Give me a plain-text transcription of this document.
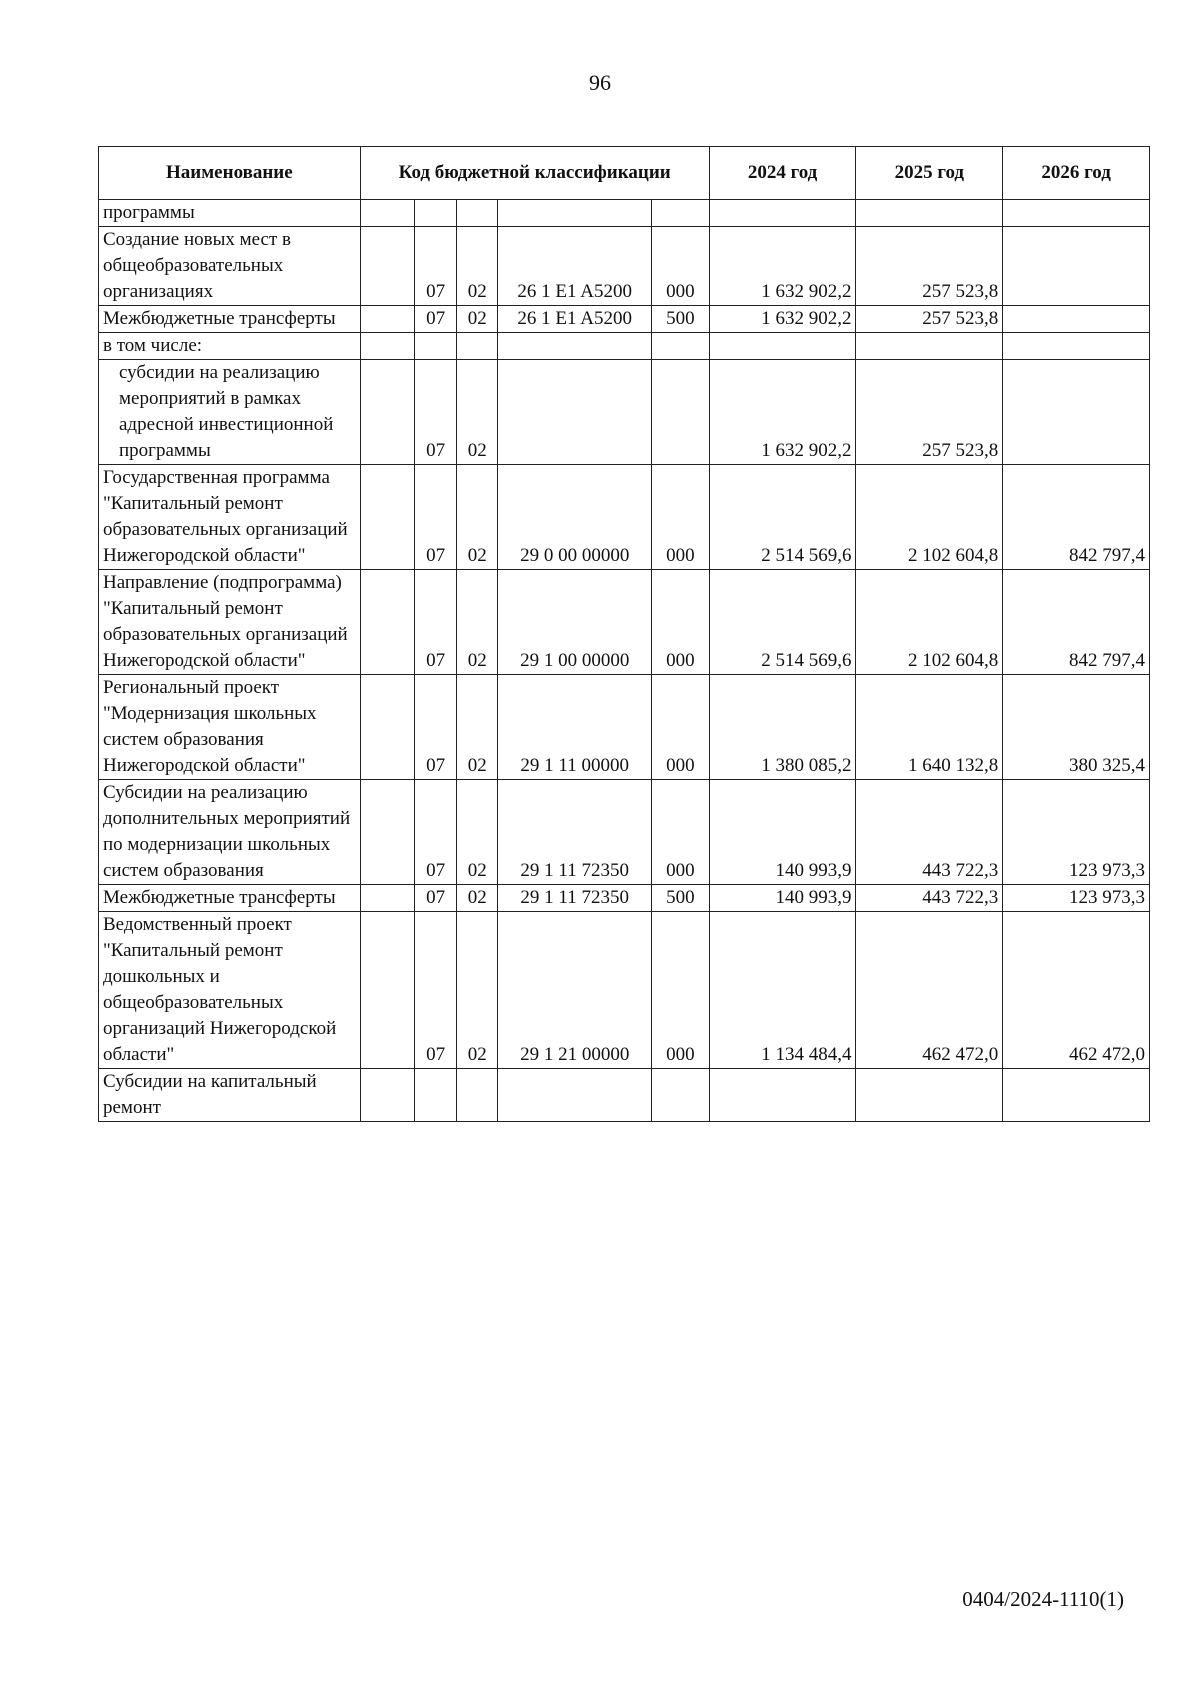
96
Наименование	Код бюджетной классификации					2024 год	2025 год	2026 год
программы								
Создание новых мест в общеобразовательных организациях		07	02	26 1 E1 A5200	000	1 632 902,2	257 523,8	
Межбюджетные трансферты		07	02	26 1 E1 A5200	500	1 632 902,2	257 523,8	
в том числе:								
субсидии на реализацию мероприятий в рамках адресной инвестиционной программы		07	02			1 632 902,2	257 523,8	
Государственная программа "Капитальный ремонт образовательных организаций Нижегородской области"		07	02	29 0 00 00000	000	2 514 569,6	2 102 604,8	842 797,4
Направление (подпрограмма) "Капитальный ремонт образовательных организаций Нижегородской области"		07	02	29 1 00 00000	000	2 514 569,6	2 102 604,8	842 797,4
Региональный проект "Модернизация школьных систем образования Нижегородской области"		07	02	29 1 11 00000	000	1 380 085,2	1 640 132,8	380 325,4
Субсидии на реализацию дополнительных мероприятий по модернизации школьных систем образования		07	02	29 1 11 72350	000	140 993,9	443 722,3	123 973,3
Межбюджетные трансферты		07	02	29 1 11 72350	500	140 993,9	443 722,3	123 973,3
Ведомственный проект "Капитальный ремонт дошкольных и общеобразовательных организаций Нижегородской области"		07	02	29 1 21 00000	000	1 134 484,4	462 472,0	462 472,0
Субсидии на капитальный ремонт								
0404/2024-1110(1)
